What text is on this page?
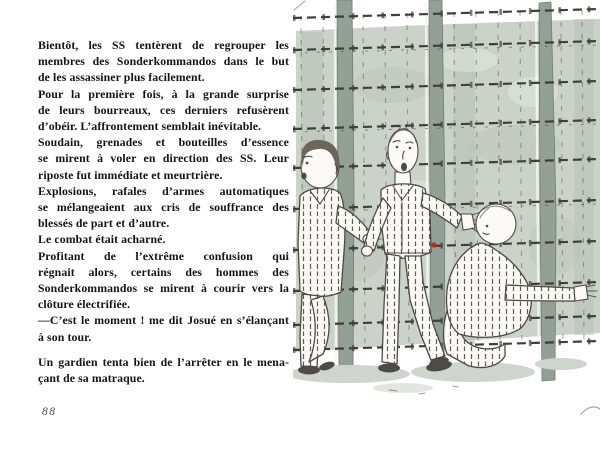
Bientôt, les SS tentèrent de regrouper les
membres des Sonderkommandos dans le but
de les assassiner plus facilement.

Pour la première fois, à la grande surprise
de leurs bourreaux, ces derniers refusèrent
d’obéir. L’affrontement semblait inévitable.

Soudain, grenades et bouteilles d’essence
se mirent à voler en direction des SS. Leur
riposte fut immédiate et meurtrière.

Explosions, rafales d’armes automatiques
se mélangeaient aux cris de souffrance des
blessés de part et d’autre.

Le combat était acharné.

Profitant de l’extrême confusion qui
régnait alors, certains des hommes des
Sonderkommandos se mirent à courir vers la
clôture électrifiée.

—C’est le moment ! me dit Josué en s’élançant
à son tour.

Un gardien tenta bien de l’arrêter en le mena-
çant de sa matraque.

88
